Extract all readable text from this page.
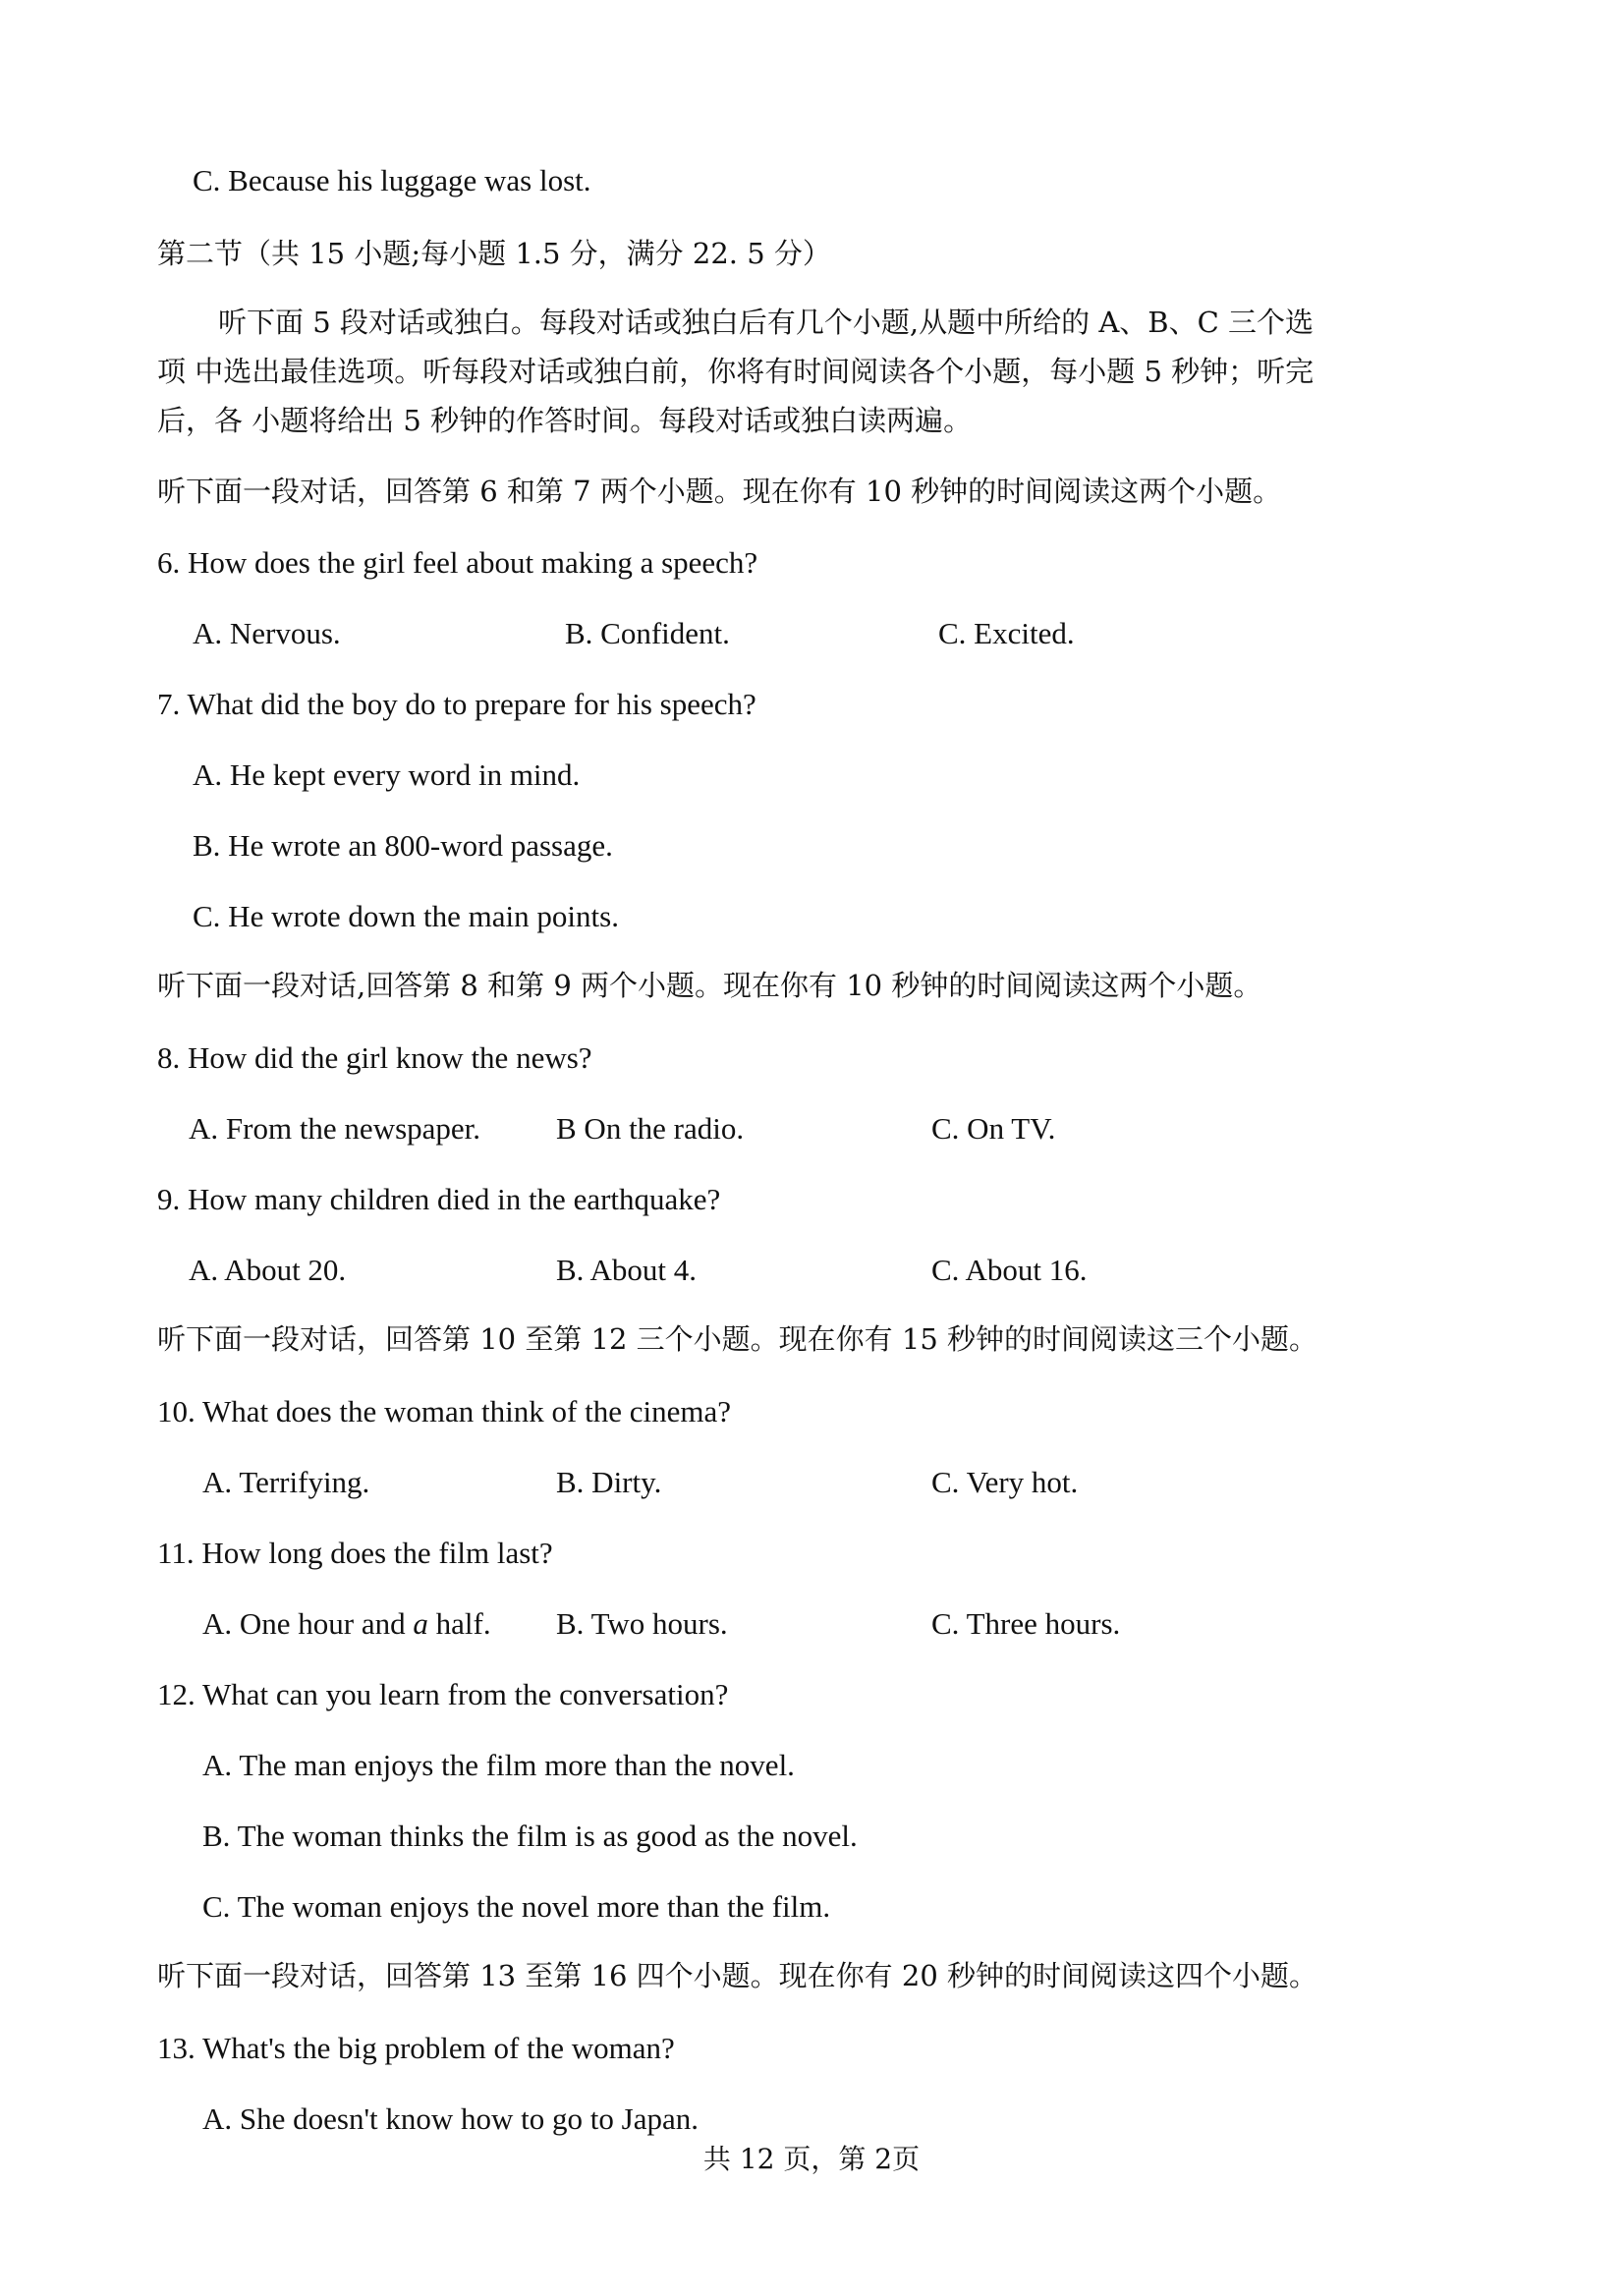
C. Because his luggage was lost.
第二节（共 15 小题;每小题 1.5 分，满分 22. 5 分）
听下面 5 段对话或独白。每段对话或独白后有几个小题,从题中所给的 A、B、C 三个选
项 中选出最佳选项。听每段对话或独白前，你将有时间阅读各个小题，每小题 5 秒钟；听完
后，各 小题将给出 5 秒钟的作答时间。每段对话或独白读两遍。
听下面一段对话，回答第 6 和第 7 两个小题。现在你有 10 秒钟的时间阅读这两个小题。
6. How does the girl feel about making a speech?
A. Nervous.	B. Confident.	C. Excited.
7. What did the boy do to prepare for his speech?
A. He kept every word in mind.
B. He wrote an 800-word passage.
C. He wrote down the main points.
听下面一段对话,回答第 8 和第 9 两个小题。现在你有 10 秒钟的时间阅读这两个小题。
8. How did the girl know the news?
A. From the newspaper. B On the radio.	C. On TV.
9. How many children died in the earthquake?
A. About 20.	B. About 4.	C. About 16.
听下面一段对话，回答第 10 至第 12 三个小题。现在你有 15 秒钟的时间阅读这三个小题。
10. What does the woman think of the cinema?
A. Terrifying.	B. Dirty.	C. Very hot.
11. How long does the film last?
A. One hour and a half. B. Two hours.	C. Three hours.
12. What can you learn from the conversation?
A. The man enjoys the film more than the novel.
B. The woman thinks the film is as good as the novel.
C. The woman enjoys the novel more than the film.
听下面一段对话，回答第 13 至第 16 四个小题。现在你有 20 秒钟的时间阅读这四个小题。
13. What's the big problem of the woman?
A. She doesn't know how to go to Japan.
共 12 页，第 2页
